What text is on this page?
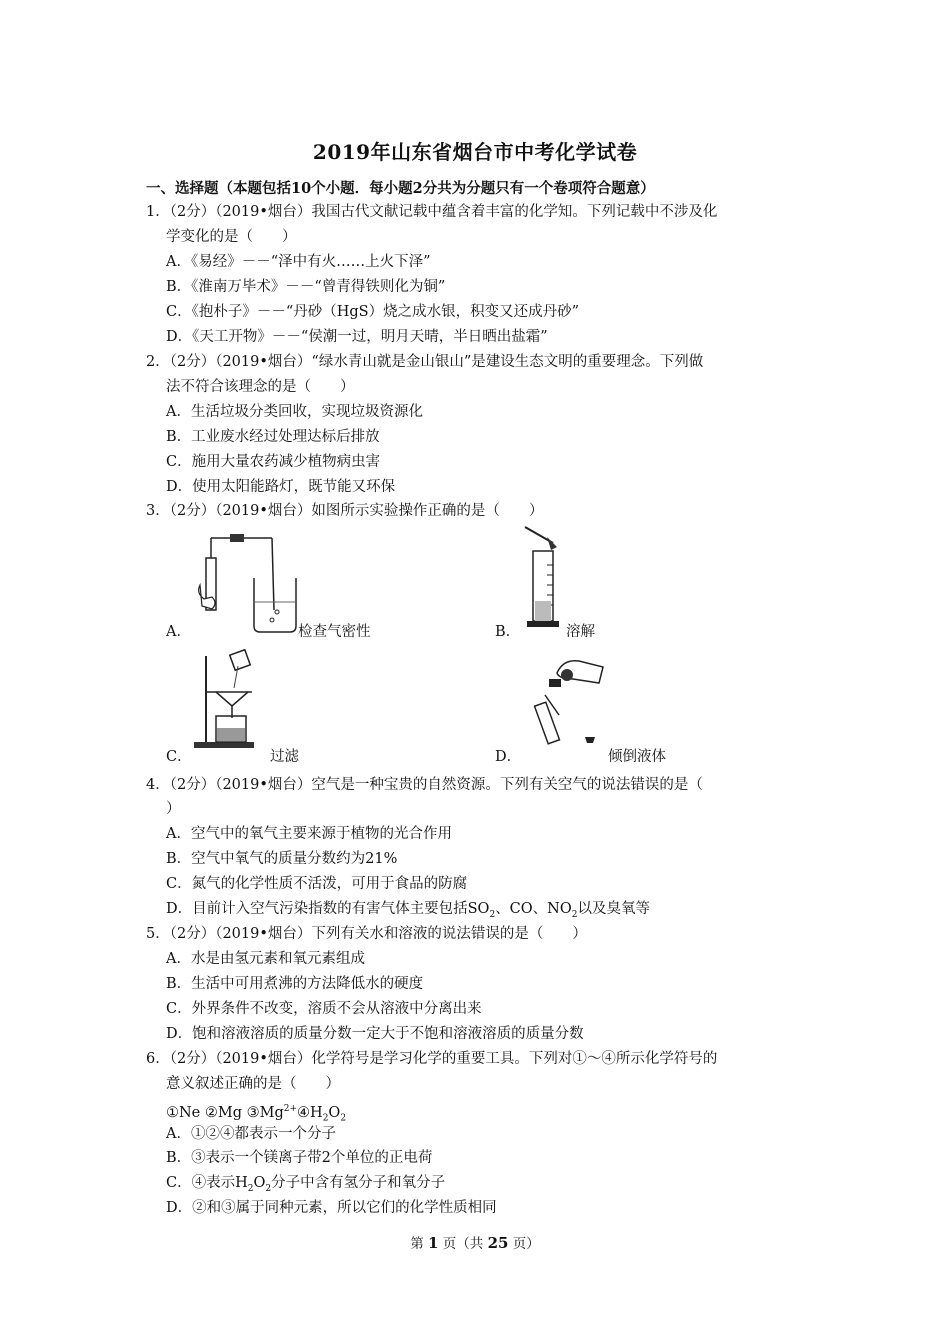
2019年山东省烟台市中考化学试卷
一、选择题（本题包括10个小题．每小题2分共为分题只有一个卷项符合题意）
1．（2分）（2019•烟台）我国古代文献记载中蕴含着丰富的化学知。下列记载中不涉及化
学变化的是（　　）
A．《易经》－－“泽中有火……上火下泽”
B．《淮南万毕术》－－“曾青得铁则化为铜”
C．《抱朴子》－－“丹砂（HgS）烧之成水银，积变又还成丹砂”
D．《天工开物》－－“侯潮一过，明月天晴，半日晒出盐霜”
2．（2分）（2019•烟台）“绿水青山就是金山银山”是建设生态文明的重要理念。下列做
法不符合该理念的是（　　）
A．生活垃圾分类回收，实现垃圾资源化
B．工业废水经过处理达标后排放
C．施用大量农药减少植物病虫害
D．使用太阳能路灯，既节能又环保
3．（2分）（2019•烟台）如图所示实验操作正确的是（　　）
A．	检查气密性	B．	溶解
C．	过滤	D．	倾倒液体
4．（2分）（2019•烟台）空气是一种宝贵的自然资源。下列有关空气的说法错误的是（
）
A．空气中的氧气主要来源于植物的光合作用
B．空气中氧气的质量分数约为21%
C．氮气的化学性质不活泼，可用于食品的防腐
D．目前计入空气污染指数的有害气体主要包括$SO_2$、CO、$NO_2$以及臭氧等
5．（2分）（2019•烟台）下列有关水和溶液的说法错误的是（　　）
A．水是由氢元素和氧元素组成
B．生活中可用煮沸的方法降低水的硬度
C．外界条件不改变，溶质不会从溶液中分离出来
D．饱和溶液溶质的质量分数一定大于不饱和溶液溶质的质量分数
6．（2分）（2019•烟台）化学符号是学习化学的重要工具。下列对①～④所示化学符号的
意义叙述正确的是（　　）
①Ne ②Mg $③Mg^{2+}④H_2O_2$
A．①②④都表示一个分子
B．③表示一个镁离子带2个单位的正电荷
C．④表示$H_2O_2$分子中含有氢分子和氧分子
D．②和③属于同种元素，所以它们的化学性质相同
第 1 页（共 25 页）
